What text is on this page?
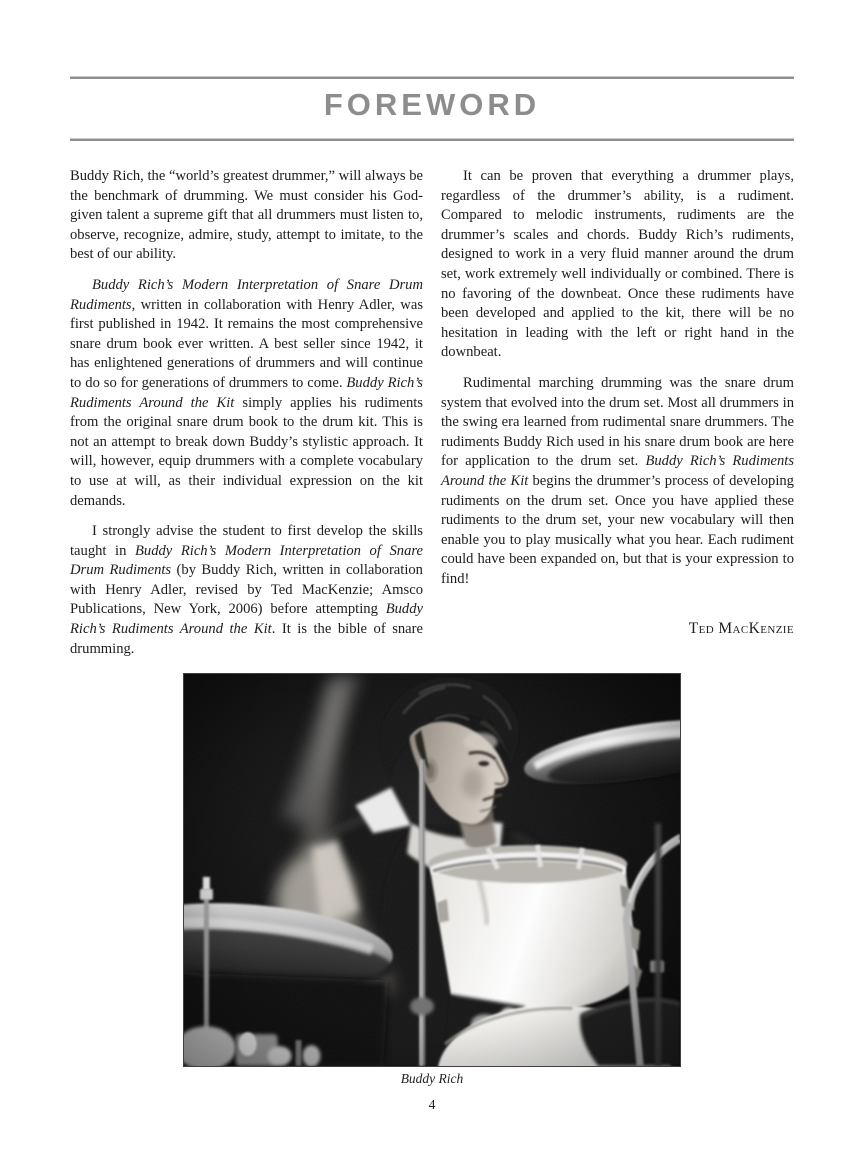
FOREWORD

Buddy Rich, the “world’s greatest drummer,” will always be the benchmark of drumming. We must consider his God-given talent a supreme gift that all drummers must listen to, observe, recognize, admire, study, attempt to imitate, to the best of our ability.

Buddy Rich’s Modern Interpretation of Snare Drum Rudiments, written in collaboration with Henry Adler, was first published in 1942. It remains the most comprehensive snare drum book ever written. A best seller since 1942, it has enlightened generations of drummers and will continue to do so for generations of drummers to come. Buddy Rich’s Rudiments Around the Kit simply applies his rudiments from the original snare drum book to the drum kit. This is not an attempt to break down Buddy’s stylistic approach. It will, however, equip drummers with a complete vocabulary to use at will, as their individual expression on the kit demands.

I strongly advise the student to first develop the skills taught in Buddy Rich’s Modern Interpretation of Snare Drum Rudiments (by Buddy Rich, written in collaboration with Henry Adler, revised by Ted MacKenzie; Amsco Publications, New York, 2006) before attempting Buddy Rich’s Rudiments Around the Kit. It is the bible of snare drumming.

It can be proven that everything a drummer plays, regardless of the drummer’s ability, is a rudiment. Compared to melodic instruments, rudiments are the drummer’s scales and chords. Buddy Rich’s rudiments, designed to work in a very fluid manner around the drum set, work extremely well individually or combined. There is no favoring of the downbeat. Once these rudiments have been developed and applied to the kit, there will be no hesitation in leading with the left or right hand in the downbeat.

Rudimental marching drumming was the snare drum system that evolved into the drum set. Most all drummers in the swing era learned from rudimental snare drummers. The rudiments Buddy Rich used in his snare drum book are here for application to the drum set. Buddy Rich’s Rudiments Around the Kit begins the drummer’s process of developing rudiments on the drum set. Once you have applied these rudiments to the drum set, your new vocabulary will then enable you to play musically what you hear. Each rudiment could have been expanded on, but that is your expression to find!

Ted MacKenzie
Buddy Rich
4
